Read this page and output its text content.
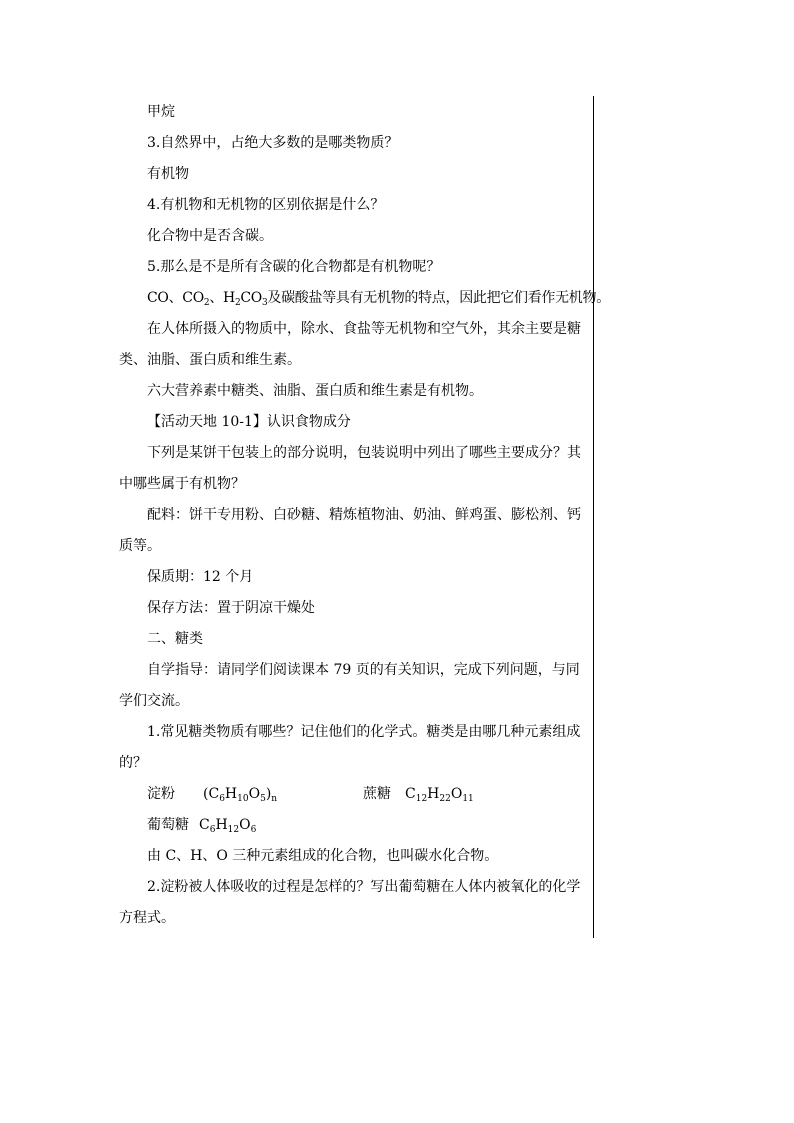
甲烷

3.自然界中，占绝大多数的是哪类物质？

有机物

4.有机物和无机物的区别依据是什么？

化合物中是否含碳。

5.那么是不是所有含碳的化合物都是有机物呢？

CO、$CO_2$、$H_2CO_3$及碳酸盐等具有无机物的特点，因此把它们看作无机物。

在人体所摄入的物质中，除水、食盐等无机物和空气外，其余主要是糖类、油脂、蛋白质和维生素。

六大营养素中糖类、油脂、蛋白质和维生素是有机物。

【活动天地 10-1】认识食物成分

下列是某饼干包装上的部分说明，包装说明中列出了哪些主要成分？其中哪些属于有机物？

配料：饼干专用粉、白砂糖、精炼植物油、奶油、鲜鸡蛋、膨松剂、钙质等。

保质期：12 个月

保存方法：置于阴凉干燥处

二、糖类

自学指导：请同学们阅读课本 79 页的有关知识，完成下列问题，与同学们交流。

1.常见糖类物质有哪些？记住他们的化学式。糖类是由哪几种元素组成的？

淀粉 $(C_6H_{10}O_5)_n$	蔗糖 $C_{12}H_{22}O_{11}$

葡萄糖 $C_6H_{12}O_6$

由 C、H、O 三种元素组成的化合物，也叫碳水化合物。

2.淀粉被人体吸收的过程是怎样的？写出葡萄糖在人体内被氧化的化学方程式。
